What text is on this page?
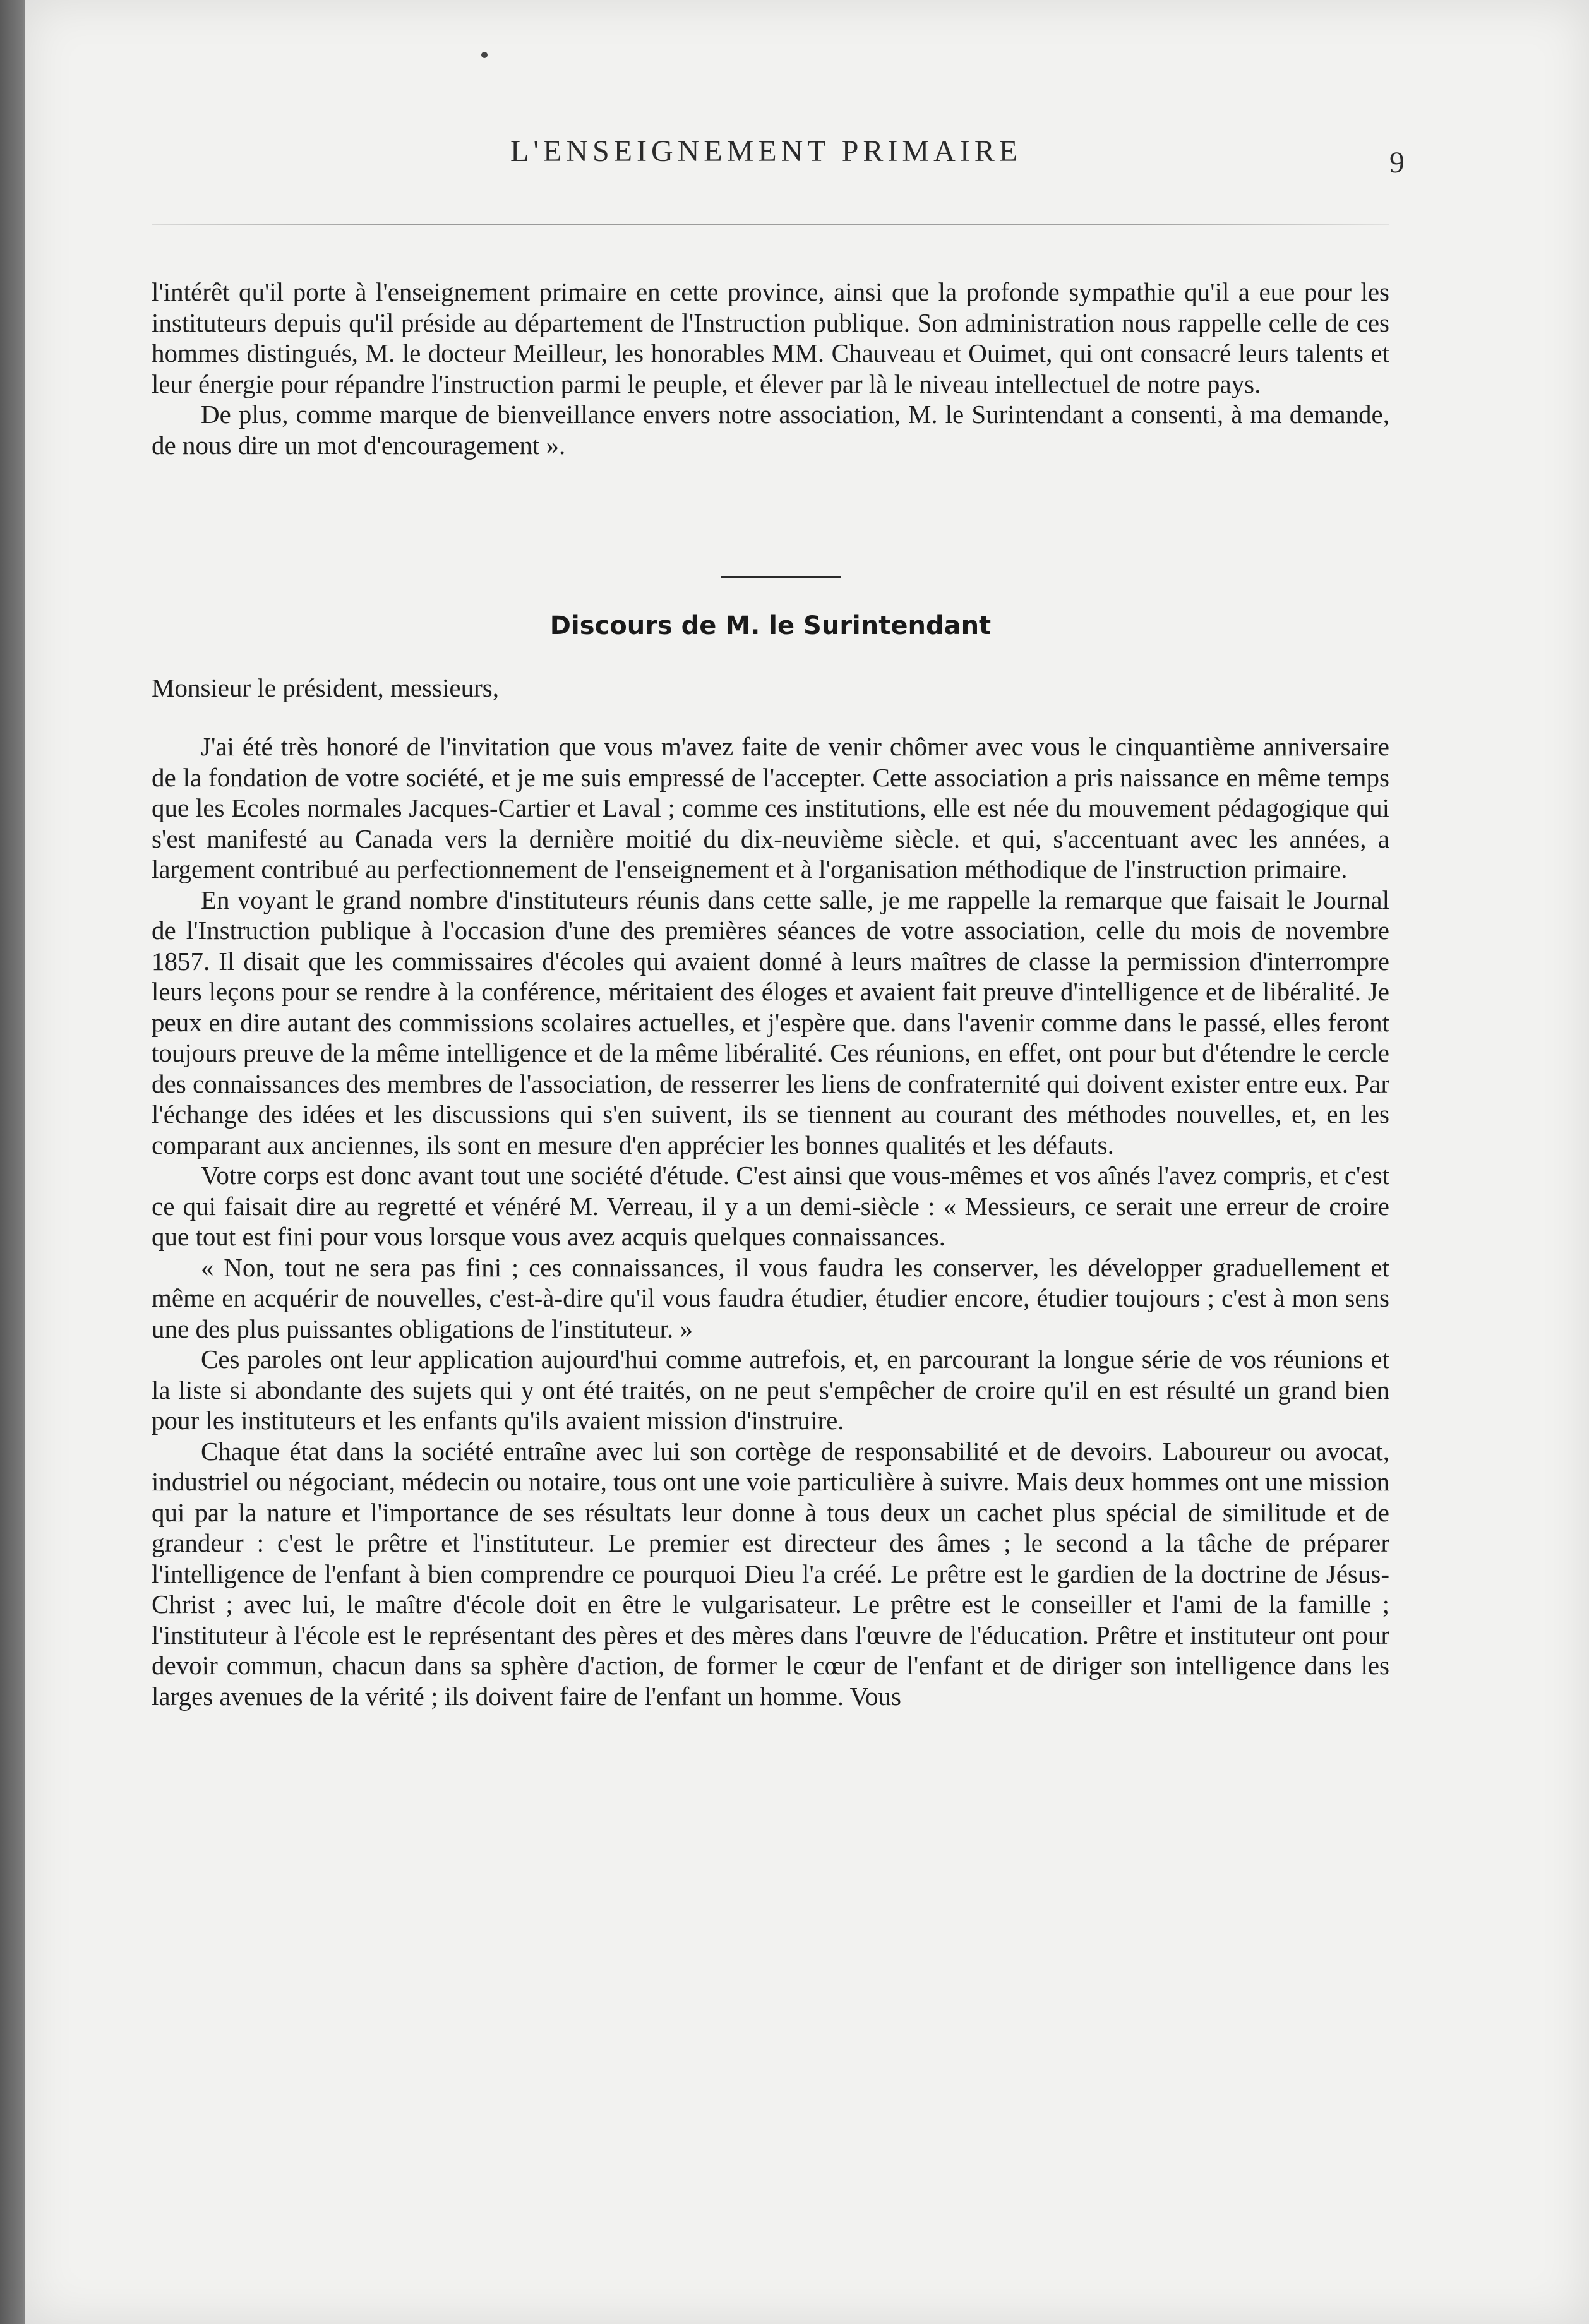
L'ENSEIGNEMENT PRIMAIRE	9

l'intérêt qu'il porte à l'enseignement primaire en cette province, ainsi que la profonde sympathie qu'il a eue pour les instituteurs depuis qu'il préside au département de l'Instruction publique. Son administration nous rappelle celle de ces hommes distingués, M. le docteur Meilleur, les honorables MM. Chauveau et Ouimet, qui ont consacré leurs talents et leur énergie pour répandre l'instruction parmi le peuple, et élever par là le niveau intellectuel de notre pays.

De plus, comme marque de bienveillance envers notre association, M. le Surintendant a consenti, à ma demande, de nous dire un mot d'encouragement ».

Discours de M. le Surintendant
Monsieur le président, messieurs,

J'ai été très honoré de l'invitation que vous m'avez faite de venir chômer avec vous le cinquantième anniversaire de la fondation de votre société, et je me suis empressé de l'accepter. Cette association a pris naissance en même temps que les Ecoles normales Jacques-Cartier et Laval ; comme ces institutions, elle est née du mouvement pédagogique qui s'est manifesté au Canada vers la dernière moitié du dix-neuvième siècle. et qui, s'accentuant avec les années, a largement contribué au perfectionnement de l'enseignement et à l'organisation méthodique de l'instruction primaire.

En voyant le grand nombre d'instituteurs réunis dans cette salle, je me rappelle la remarque que faisait le Journal de l'Instruction publique à l'occasion d'une des premières séances de votre association, celle du mois de novembre 1857. Il disait que les commissaires d'écoles qui avaient donné à leurs maîtres de classe la permission d'interrompre leurs leçons pour se rendre à la conférence, méritaient des éloges et avaient fait preuve d'intelligence et de libéralité. Je peux en dire autant des commissions scolaires actuelles, et j'espère que. dans l'avenir comme dans le passé, elles feront toujours preuve de la même intelligence et de la même libéralité. Ces réunions, en effet, ont pour but d'étendre le cercle des connaissances des membres de l'association, de resserrer les liens de confraternité qui doivent exister entre eux. Par l'échange des idées et les discussions qui s'en suivent, ils se tiennent au courant des méthodes nouvelles, et, en les comparant aux anciennes, ils sont en mesure d'en apprécier les bonnes qualités et les défauts.

Votre corps est donc avant tout une société d'étude. C'est ainsi que vous-mêmes et vos aînés l'avez compris, et c'est ce qui faisait dire au regretté et vénéré M. Verreau, il y a un demi-siècle : « Messieurs, ce serait une erreur de croire que tout est fini pour vous lorsque vous avez acquis quelques connaissances.

« Non, tout ne sera pas fini ; ces connaissances, il vous faudra les conserver, les développer graduellement et même en acquérir de nouvelles, c'est-à-dire qu'il vous faudra étudier, étudier encore, étudier toujours ; c'est à mon sens une des plus puissantes obligations de l'instituteur. »

Ces paroles ont leur application aujourd'hui comme autrefois, et, en parcourant la longue série de vos réunions et la liste si abondante des sujets qui y ont été traités, on ne peut s'empêcher de croire qu'il en est résulté un grand bien pour les instituteurs et les enfants qu'ils avaient mission d'instruire.

Chaque état dans la société entraîne avec lui son cortège de responsabilité et de devoirs. Laboureur ou avocat, industriel ou négociant, médecin ou notaire, tous ont une voie particulière à suivre. Mais deux hommes ont une mission qui par la nature et l'importance de ses résultats leur donne à tous deux un cachet plus spécial de similitude et de grandeur : c'est le prêtre et l'instituteur. Le premier est directeur des âmes ; le second a la tâche de préparer l'intelligence de l'enfant à bien comprendre ce pourquoi Dieu l'a créé. Le prêtre est le gardien de la doctrine de Jésus-Christ ; avec lui, le maître d'école doit en être le vulgarisateur. Le prêtre est le conseiller et l'ami de la famille ; l'instituteur à l'école est le représentant des pères et des mères dans l'œuvre de l'éducation. Prêtre et instituteur ont pour devoir commun, chacun dans sa sphère d'action, de former le cœur de l'enfant et de diriger son intelligence dans les larges avenues de la vérité ; ils doivent faire de l'enfant un homme. Vous
